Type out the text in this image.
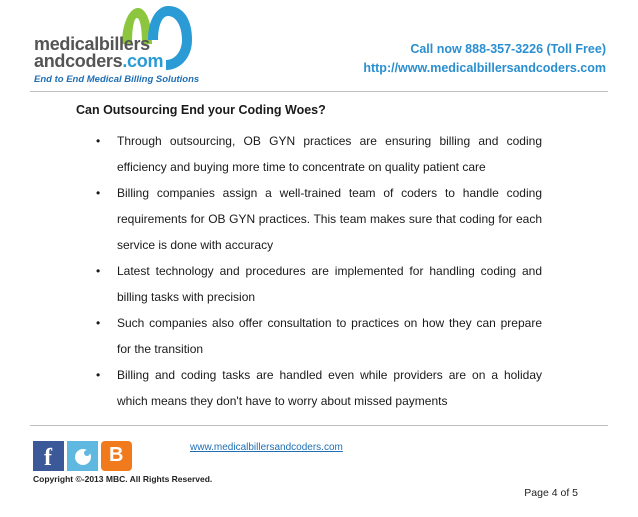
medicalbillers
andcoders.com
End to End Medical Billing Solutions
Call now 888-357-3226 (Toll Free)
http://www.medicalbillersandcoders.com
Can Outsourcing End your Coding Woes?
• Through outsourcing, OB GYN practices are ensuring billing and coding efficiency and buying more time to concentrate on quality patient care
• Billing companies assign a well-trained team of coders to handle coding requirements for OB GYN practices. This team makes sure that coding for each service is done with accuracy
• Latest technology and procedures are implemented for handling coding and billing tasks with precision
• Such companies also offer consultation to practices on how they can prepare for the transition
• Billing and coding tasks are handled even while providers are on a holiday which means they don't have to worry about missed payments
f	B	www.medicalbillersandcoders.com
Copyright ©-2013 MBC. All Rights Reserved.
Page 4 of 5
